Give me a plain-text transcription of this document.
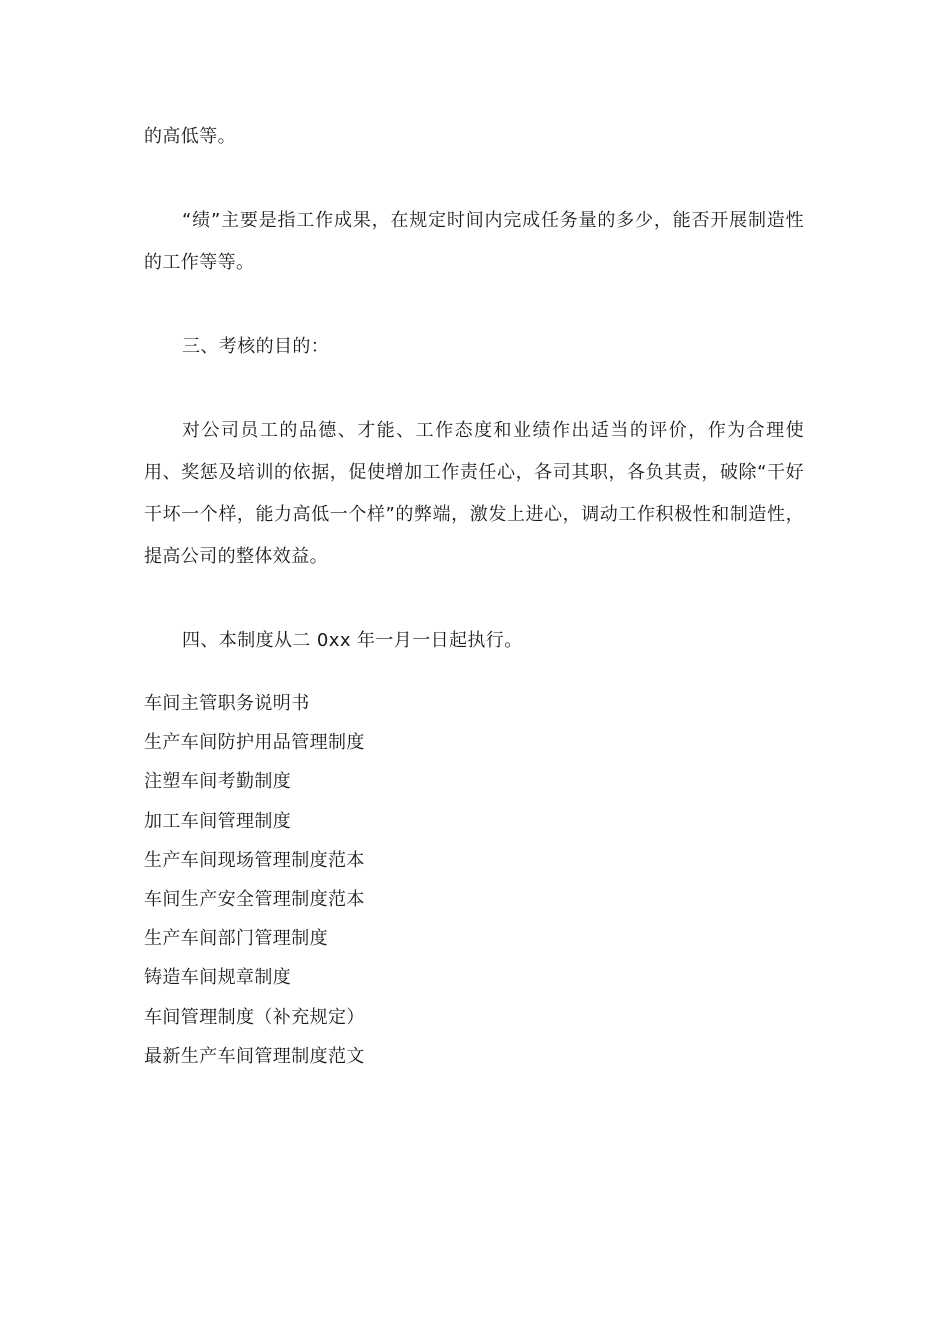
的高低等。

“绩”主要是指工作成果，在规定时间内完成任务量的多少，能否开展制造性的工作等等。

三、考核的目的：

对公司员工的品德、才能、工作态度和业绩作出适当的评价，作为合理使用、奖惩及培训的依据，促使增加工作责任心，各司其职，各负其责，破除“干好干坏一个样，能力高低一个样”的弊端，激发上进心，调动工作积极性和制造性，提高公司的整体效益。

四、本制度从二 0xx 年一月一日起执行。

车间主管职务说明书
生产车间防护用品管理制度
注塑车间考勤制度
加工车间管理制度
生产车间现场管理制度范本
车间生产安全管理制度范本
生产车间部门管理制度
铸造车间规章制度
车间管理制度（补充规定）
最新生产车间管理制度范文
